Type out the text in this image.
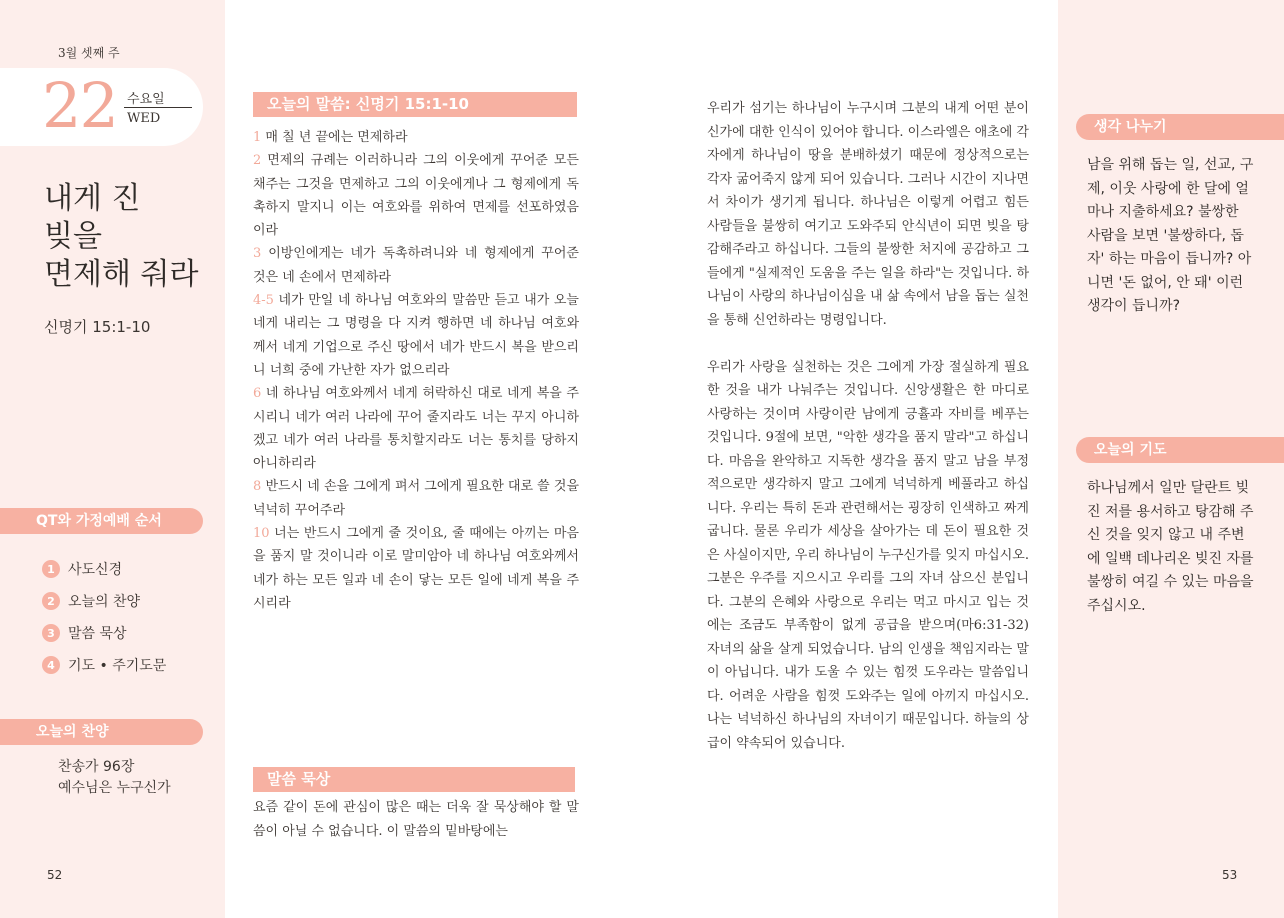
3월 셋째 주
22 수요일
WED
내게 진
빚을
면제해 줘라
신명기 15:1-10
QT와 가정예배 순서
1 사도신경
2 오늘의 찬양
3 말씀 묵상
4 기도 • 주기도문
오늘의 찬양
찬송가 96장
예수님은 누구신가
52
오늘의 말씀: 신명기 15:1-10

1 매 칠 년 끝에는 면제하라

2 면제의 규례는 이러하니라 그의 이웃에게 꾸어준 모든 채주는 그것을 면제하고 그의 이웃에게나 그 형제에게 독촉하지 말지니 이는 여호와를 위하여 면제를 선포하였음이라

3 이방인에게는 네가 독촉하려니와 네 형제에게 꾸어준 것은 네 손에서 면제하라

4-5 네가 만일 네 하나님 여호와의 말씀만 듣고 내가 오늘 네게 내리는 그 명령을 다 지켜 행하면 네 하나님 여호와께서 네게 기업으로 주신 땅에서 네가 반드시 복을 받으리니 너희 중에 가난한 자가 없으리라

6 네 하나님 여호와께서 네게 허락하신 대로 네게 복을 주시리니 네가 여러 나라에 꾸어 줄지라도 너는 꾸지 아니하겠고 네가 여러 나라를 통치할지라도 너는 통치를 당하지 아니하리라

8 반드시 네 손을 그에게 펴서 그에게 필요한 대로 쓸 것을 넉넉히 꾸어주라

10 너는 반드시 그에게 줄 것이요, 줄 때에는 아끼는 마음을 품지 말 것이니라 이로 말미암아 네 하나님 여호와께서 네가 하는 모든 일과 네 손이 닿는 모든 일에 네게 복을 주시리라

말씀 묵상
요즘 같이 돈에 관심이 많은 때는 더욱 잘 묵상해야 할 말씀이 아닐 수 없습니다. 이 말씀의 밑바탕에는

우리가 섬기는 하나님이 누구시며 그분의 내게 어떤 분이신가에 대한 인식이 있어야 합니다. 이스라엘은 애초에 각자에게 하나님이 땅을 분배하셨기 때문에 정상적으로는 각자 굶어죽지 않게 되어 있습니다. 그러나 시간이 지나면서 차이가 생기게 됩니다. 하나님은 이렇게 어렵고 힘든 사람들을 불쌍히 여기고 도와주되 안식년이 되면 빚을 탕감해주라고 하십니다. 그들의 불쌍한 처지에 공감하고 그들에게 "실제적인 도움을 주는 일을 하라"는 것입니다. 하나님이 사랑의 하나님이심을 내 삶 속에서 남을 돕는 실천을 통해 신언하라는 명령입니다.

우리가 사랑을 실천하는 것은 그에게 가장 절실하게 필요한 것을 내가 나눠주는 것입니다. 신앙생활은 한 마디로 사랑하는 것이며 사랑이란 남에게 긍휼과 자비를 베푸는 것입니다. 9절에 보면, "악한 생각을 품지 말라"고 하십니다. 마음을 완악하고 지독한 생각을 품지 말고 남을 부정적으로만 생각하지 말고 그에게 넉넉하게 베풀라고 하십니다. 우리는 특히 돈과 관련해서는 굉장히 인색하고 짜게 굽니다. 물론 우리가 세상을 살아가는 데 돈이 필요한 것은 사실이지만, 우리 하나님이 누구신가를 잊지 마십시오. 그분은 우주를 지으시고 우리를 그의 자녀 삼으신 분입니다. 그분의 은혜와 사랑으로 우리는 먹고 마시고 입는 것에는 조금도 부족함이 없게 공급을 받으며(마6:31-32) 자녀의 삶을 살게 되었습니다. 남의 인생을 책임지라는 말이 아닙니다. 내가 도울 수 있는 힘껏 도우라는 말씀입니다. 어려운 사람을 힘껏 도와주는 일에 아끼지 마십시오. 나는 넉넉하신 하나님의 자녀이기 때문입니다. 하늘의 상급이 약속되어 있습니다.

53
생각 나누기
남을 위해 돕는 일, 선교, 구제, 이웃 사랑에 한 달에 얼마나 지출하세요? 불쌍한 사람을 보면 '불쌍하다, 돕자' 하는 마음이 듭니까? 아니면 '돈 없어, 안 돼' 이런 생각이 듭니까?
오늘의 기도
하나님께서 일만 달란트 빚진 저를 용서하고 탕감해 주신 것을 잊지 않고 내 주변에 일백 데나리온 빚진 자를 불쌍히 여길 수 있는 마음을 주십시오.
